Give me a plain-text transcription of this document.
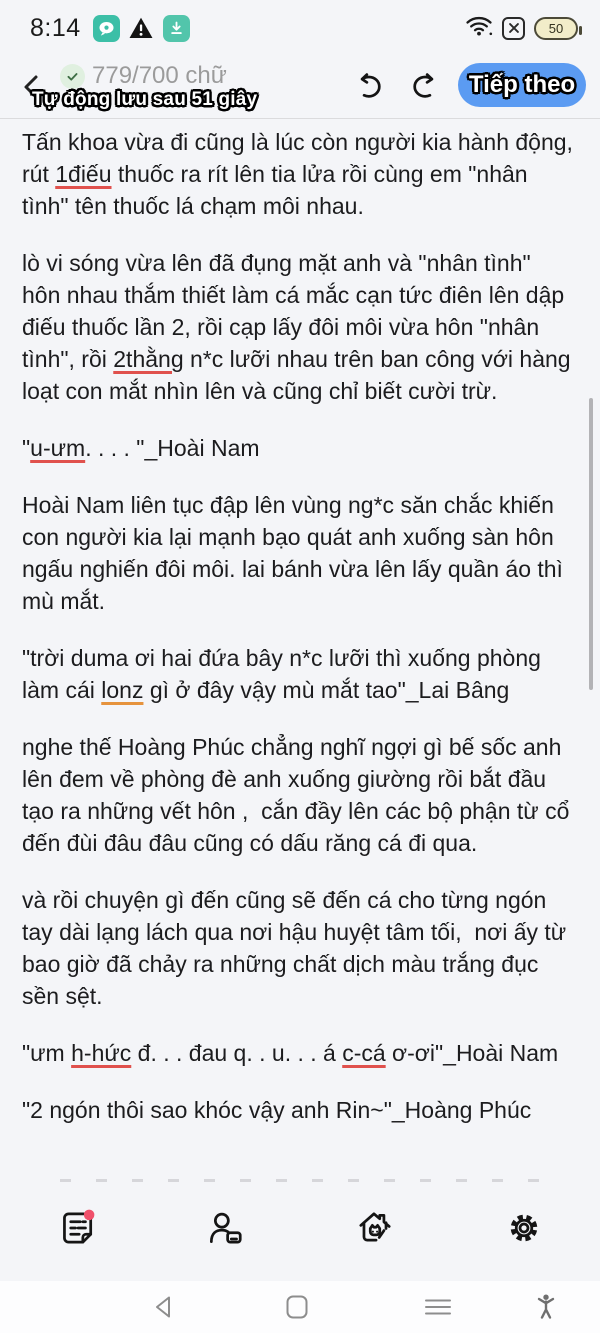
8:14	50
779/700 chữ
Tự động lưu sau 51 giây
Tiếp theo

Tấn khoa vừa đi cũng là lúc còn người kia hành động,  rút 1điếu thuốc ra rít lên tia lửa rồi cùng em "nhân tình" tên thuốc lá chạm môi nhau.

lò vi sóng vừa lên đã đụng mặt anh và "nhân tình" hôn nhau thắm thiết làm cá mắc cạn tức điên lên dập điếu thuốc lần 2, rồi cạp lấy đôi môi vừa hôn "nhân tình", rồi 2thằng n*c lưỡi nhau trên ban công với hàng loạt con mắt nhìn lên và cũng chỉ biết cười trừ.

"u-ưm. . . . "_Hoài Nam

Hoài Nam liên tục đập lên vùng ng*c săn chắc khiến con người kia lại mạnh bạo quát anh xuống sàn hôn ngấu nghiến đôi môi. lai bánh vừa lên lấy quần áo thì mù mắt.

"trời duma ơi hai đứa bây n*c lưỡi thì xuống phòng làm cái lonz gì ở đây vậy mù mắt tao"_Lai Bâng

nghe thế Hoàng Phúc chẳng nghĩ ngợi gì bế sốc anh lên đem về phòng đè anh xuống giường rồi bắt đầu tạo ra những vết hôn ,  cắn đầy lên các bộ phận từ cổ đến đùi đâu đâu cũng có dấu răng cá đi qua.

và rồi chuyện gì đến cũng sẽ đến cá cho từng ngón tay dài lạng lách qua nơi hậu huyệt tâm tối,  nơi ấy từ bao giờ đã chảy ra những chất dịch màu trắng đục sền sệt.

"ưm h-hức đ. . . đau q. . u. . . á c-cá ơ-ơi"_Hoài Nam

"2 ngón thôi sao khóc vậy anh Rin~"_Hoàng Phúc
